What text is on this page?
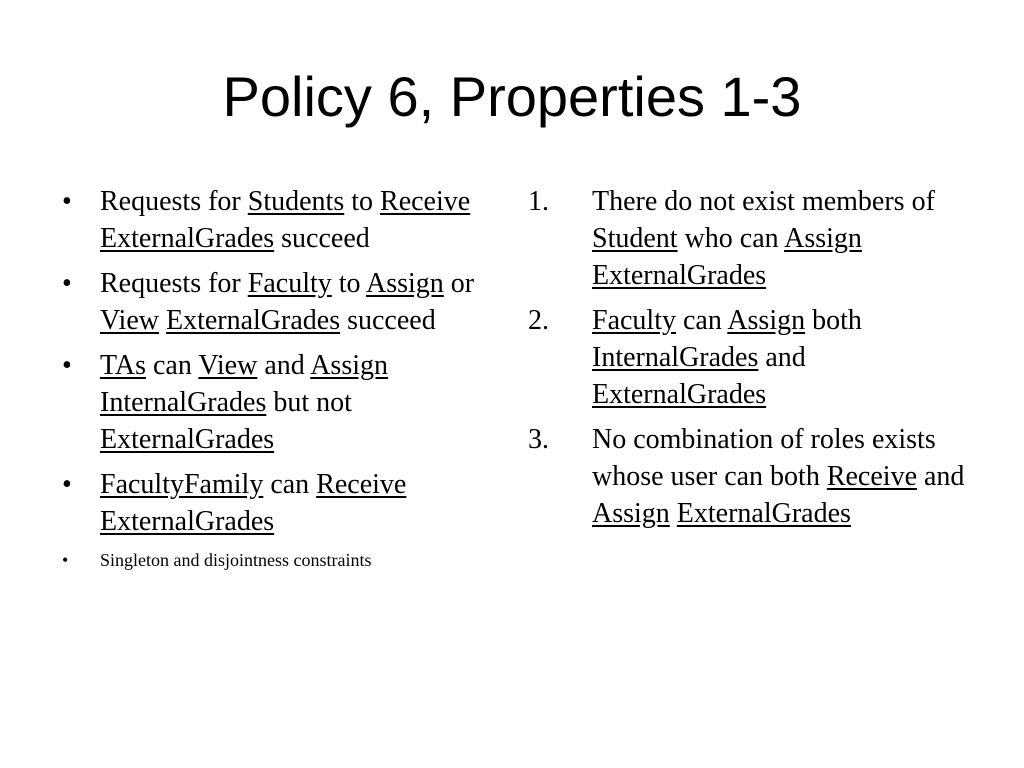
Policy 6, Properties 1-3
• Requests for Students to Receive ExternalGrades succeed
• Requests for Faculty to Assign or View ExternalGrades succeed
• TAs can View and Assign InternalGrades but not ExternalGrades
• FacultyFamily can Receive ExternalGrades
• Singleton and disjointness constraints
1. There do not exist members of Student who can Assign ExternalGrades
2. Faculty can Assign both InternalGrades and ExternalGrades
3. No combination of roles exists whose user can both Receive and Assign ExternalGrades
